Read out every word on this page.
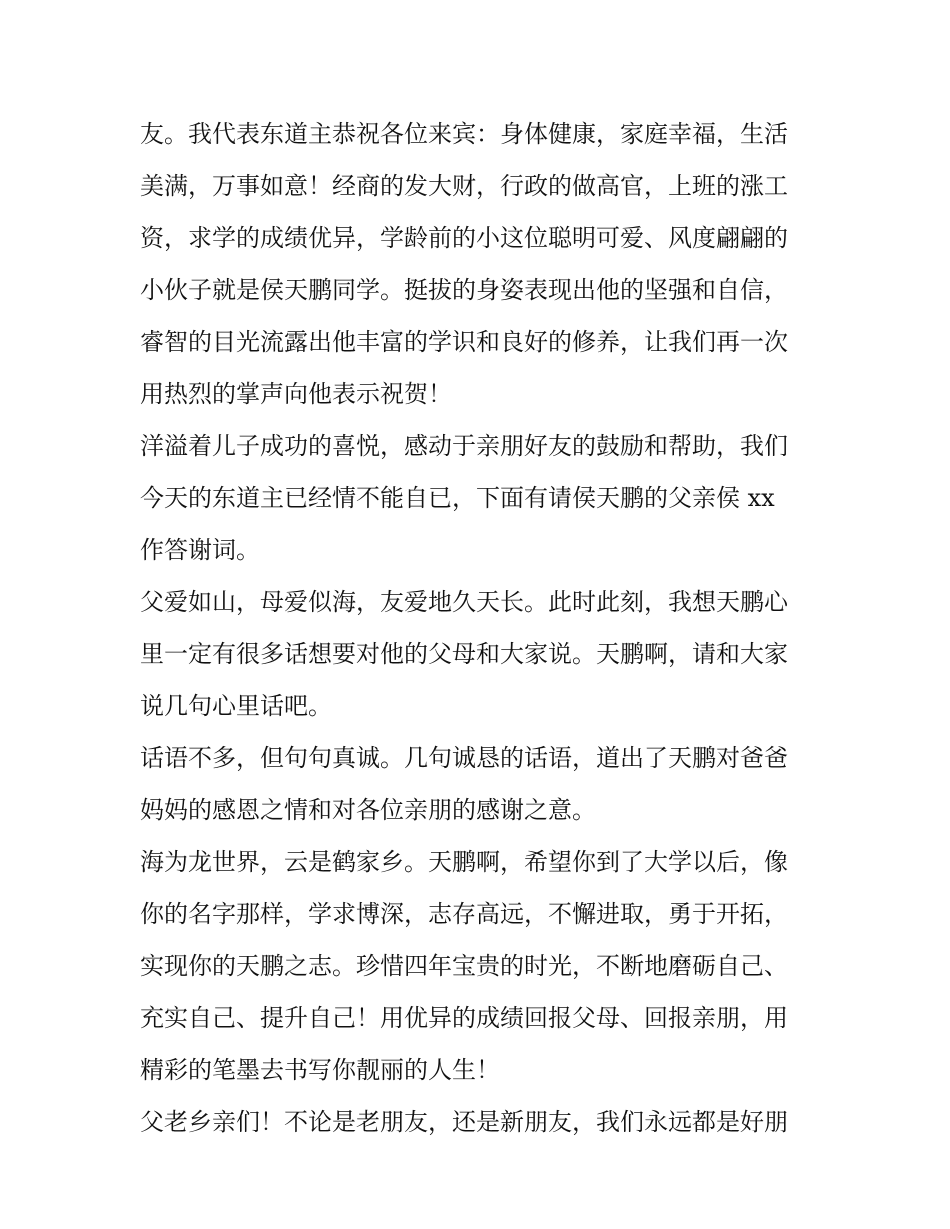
友。我代表东道主恭祝各位来宾：身体健康，家庭幸福，生活
美满，万事如意！经商的发大财，行政的做高官，上班的涨工
资，求学的成绩优异，学龄前的小这位聪明可爱、风度翩翩的
小伙子就是侯天鹏同学。挺拔的身姿表现出他的坚强和自信，
睿智的目光流露出他丰富的学识和良好的修养，让我们再一次
用热烈的掌声向他表示祝贺！
洋溢着儿子成功的喜悦，感动于亲朋好友的鼓励和帮助，我们
今天的东道主已经情不能自已，下面有请侯天鹏的父亲侯 xx
作答谢词。
父爱如山，母爱似海，友爱地久天长。此时此刻，我想天鹏心
里一定有很多话想要对他的父母和大家说。天鹏啊，请和大家
说几句心里话吧。
话语不多，但句句真诚。几句诚恳的话语，道出了天鹏对爸爸
妈妈的感恩之情和对各位亲朋的感谢之意。
海为龙世界，云是鹤家乡。天鹏啊，希望你到了大学以后，像
你的名字那样，学求博深，志存高远，不懈进取，勇于开拓，
实现你的天鹏之志。珍惜四年宝贵的时光，不断地磨砺自己、
充实自己、提升自己！用优异的成绩回报父母、回报亲朋，用
精彩的笔墨去书写你靓丽的人生！
父老乡亲们！不论是老朋友，还是新朋友，我们永远都是好朋
